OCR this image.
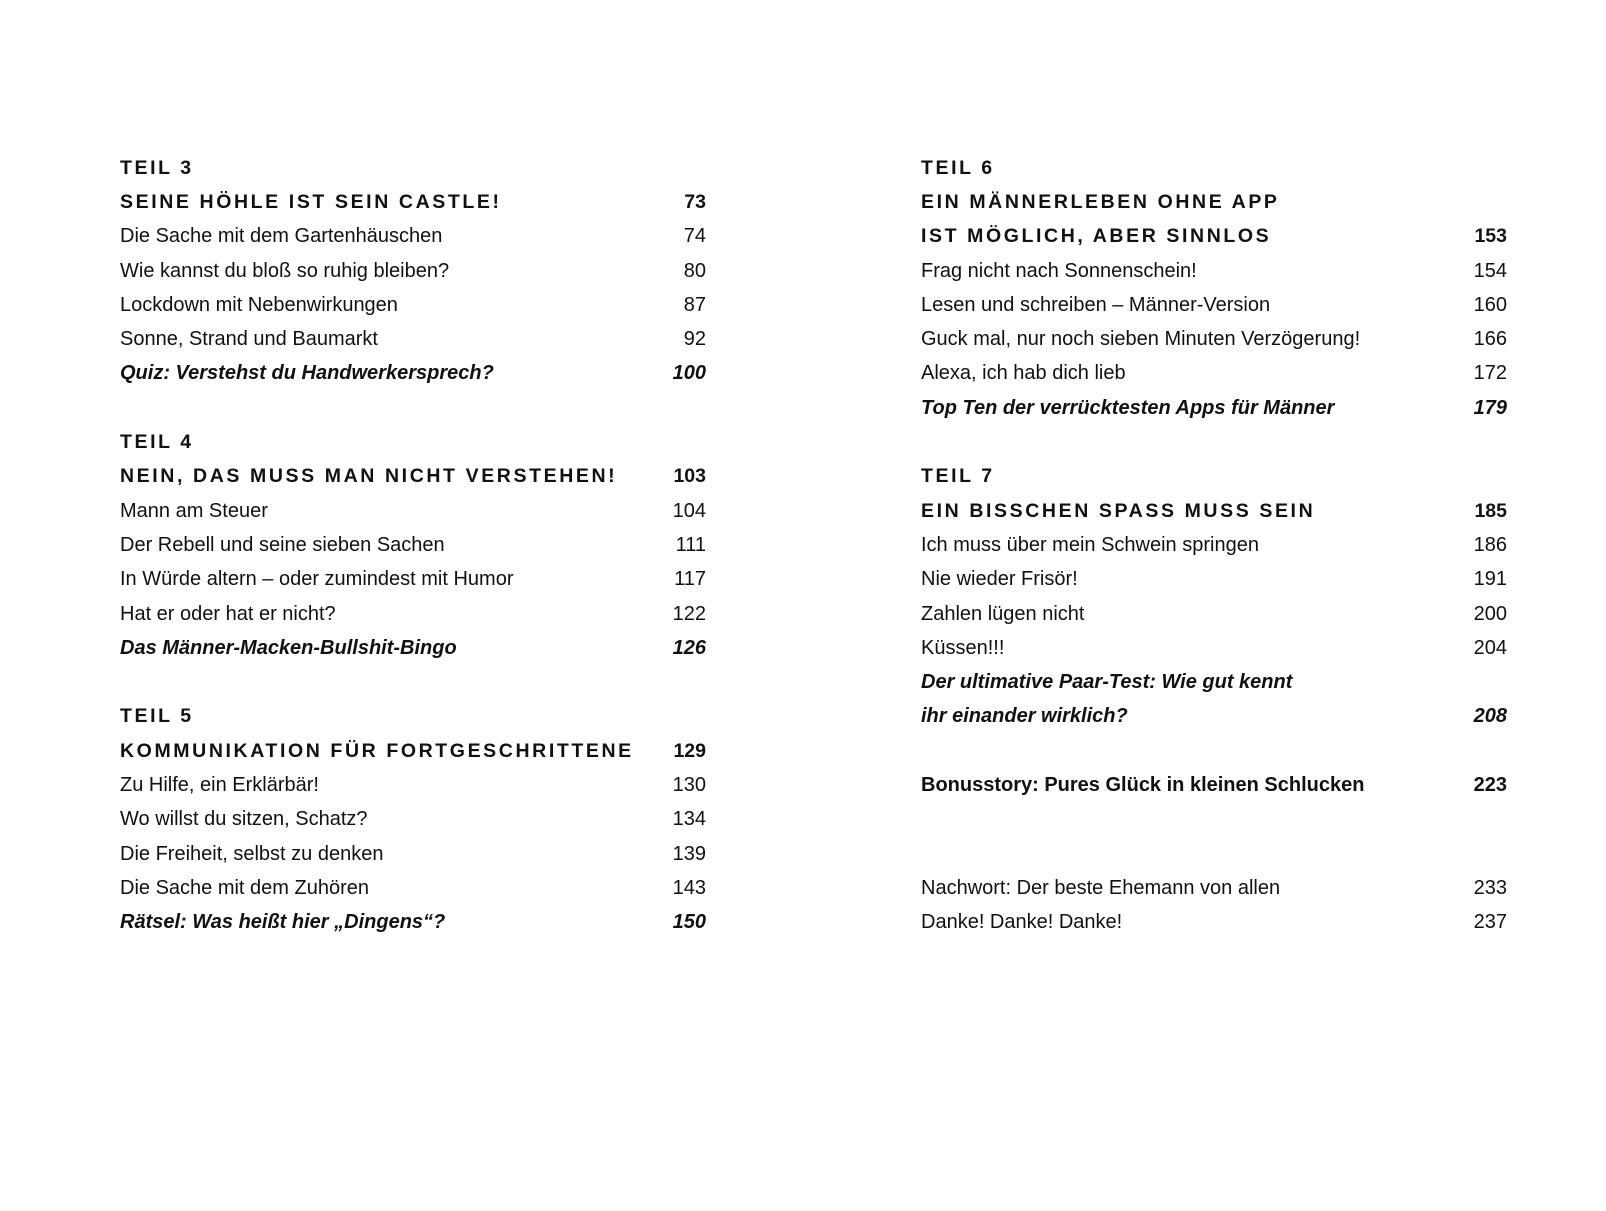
TEIL 3
SEINE HÖHLE IST SEIN CASTLE!	73
Die Sache mit dem Gartenhäuschen	74
Wie kannst du bloß so ruhig bleiben?	80
Lockdown mit Nebenwirkungen	87
Sonne, Strand und Baumarkt	92
Quiz: Verstehst du Handwerkersprech?	100
TEIL 4
NEIN, DAS MUSS MAN NICHT VERSTEHEN!	103
Mann am Steuer	104
Der Rebell und seine sieben Sachen	111
In Würde altern – oder zumindest mit Humor	117
Hat er oder hat er nicht?	122
Das Männer-Macken-Bullshit-Bingo	126
TEIL 5
KOMMUNIKATION FÜR FORTGESCHRITTENE	129
Zu Hilfe, ein Erklärbär!	130
Wo willst du sitzen, Schatz?	134
Die Freiheit, selbst zu denken	139
Die Sache mit dem Zuhören	143
Rätsel: Was heißt hier „Dingens“?	150
TEIL 6
EIN MÄNNERLEBEN OHNE APP
IST MÖGLICH, ABER SINNLOS	153
Frag nicht nach Sonnenschein!	154
Lesen und schreiben – Männer-Version	160
Guck mal, nur noch sieben Minuten Verzögerung!	166
Alexa, ich hab dich lieb	172
Top Ten der verrücktesten Apps für Männer	179
TEIL 7
EIN BISSCHEN SPASS MUSS SEIN	185
Ich muss über mein Schwein springen	186
Nie wieder Frisör!	191
Zahlen lügen nicht	200
Küssen!!!	204
Der ultimative Paar-Test: Wie gut kennt
ihr einander wirklich?	208
Bonusstory: Pures Glück in kleinen Schlucken	223
Nachwort: Der beste Ehemann von allen	233
Danke! Danke! Danke!	237
